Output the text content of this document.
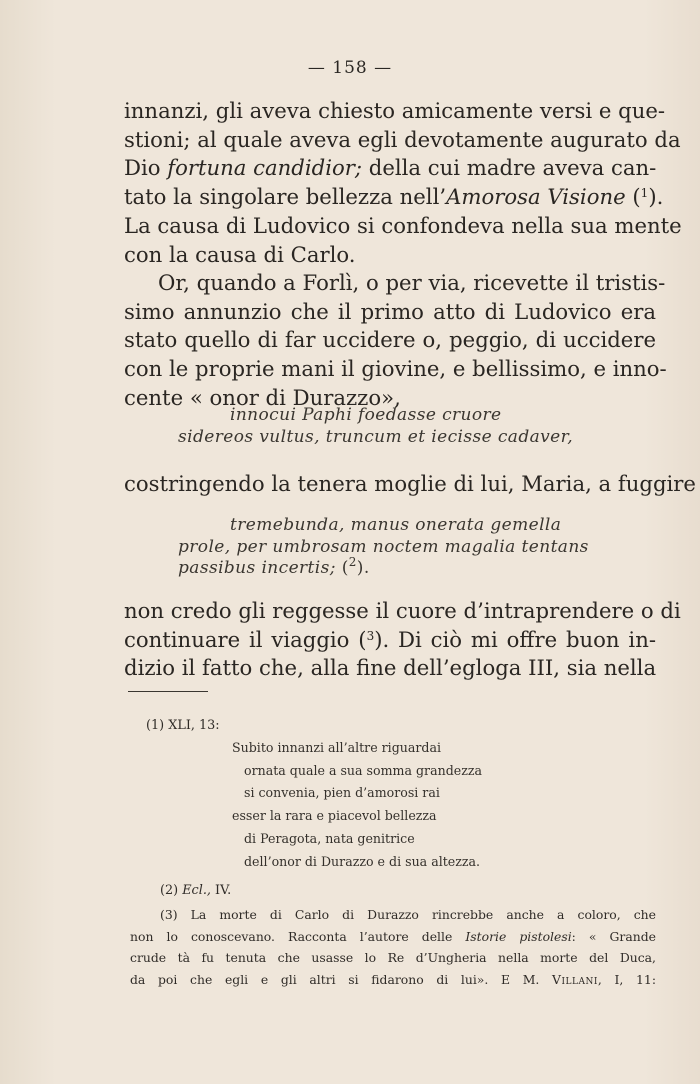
— 158 —
innanzi, gli aveva chiesto amicamente versi e que-
stioni; al quale aveva egli devotamente augurato da
Dio fortuna candidior; della cui madre aveva can-
tato la singolare bellezza nell’Amorosa Visione ($^1$).
La causa di Ludovico si confondeva nella sua mente
con la causa di Carlo.
Or, quando a Forlì, o per via, ricevette il tristis-
simo annunzio che il primo atto di Ludovico era
stato quello di far uccidere o, peggio, di uccidere
con le proprie mani il giovine, e bellissimo, e inno-
cente « onor di Durazzo»,
innocui Paphi foedasse cruore
sidereos vultus, truncum et iecisse cadaver,
costringendo la tenera moglie di lui, Maria, a fuggire
tremebunda, manus onerata gemella
prole, per umbrosam noctem magalia tentans
passibus incertis; ($^2$).
non credo gli reggesse il cuore d’intraprendere o di
continuare il viaggio ($^3$). Di ciò mi offre buon in-
dizio il fatto che, alla fine dell’egloga III, sia nella
(1) XLI, 13:
Subito innanzi all’altre riguardai
ornata quale a sua somma grandezza
si convenia, pien d’amorosi rai
esser la rara e piacevol bellezza
di Peragota, nata genitrice
dell’onor di Durazzo e di sua altezza.
(2) Ecl., IV.
(3) La morte di Carlo di Durazzo rincrebbe anche a coloro, che
non lo conoscevano. Racconta l’autore delle Istorie pistolesi: « Grande
crude tà fu tenuta che usasse lo Re d’Ungheria nella morte del Duca,
da poi che egli e gli altri si fidarono di lui». E M. Villani, I, 11:
